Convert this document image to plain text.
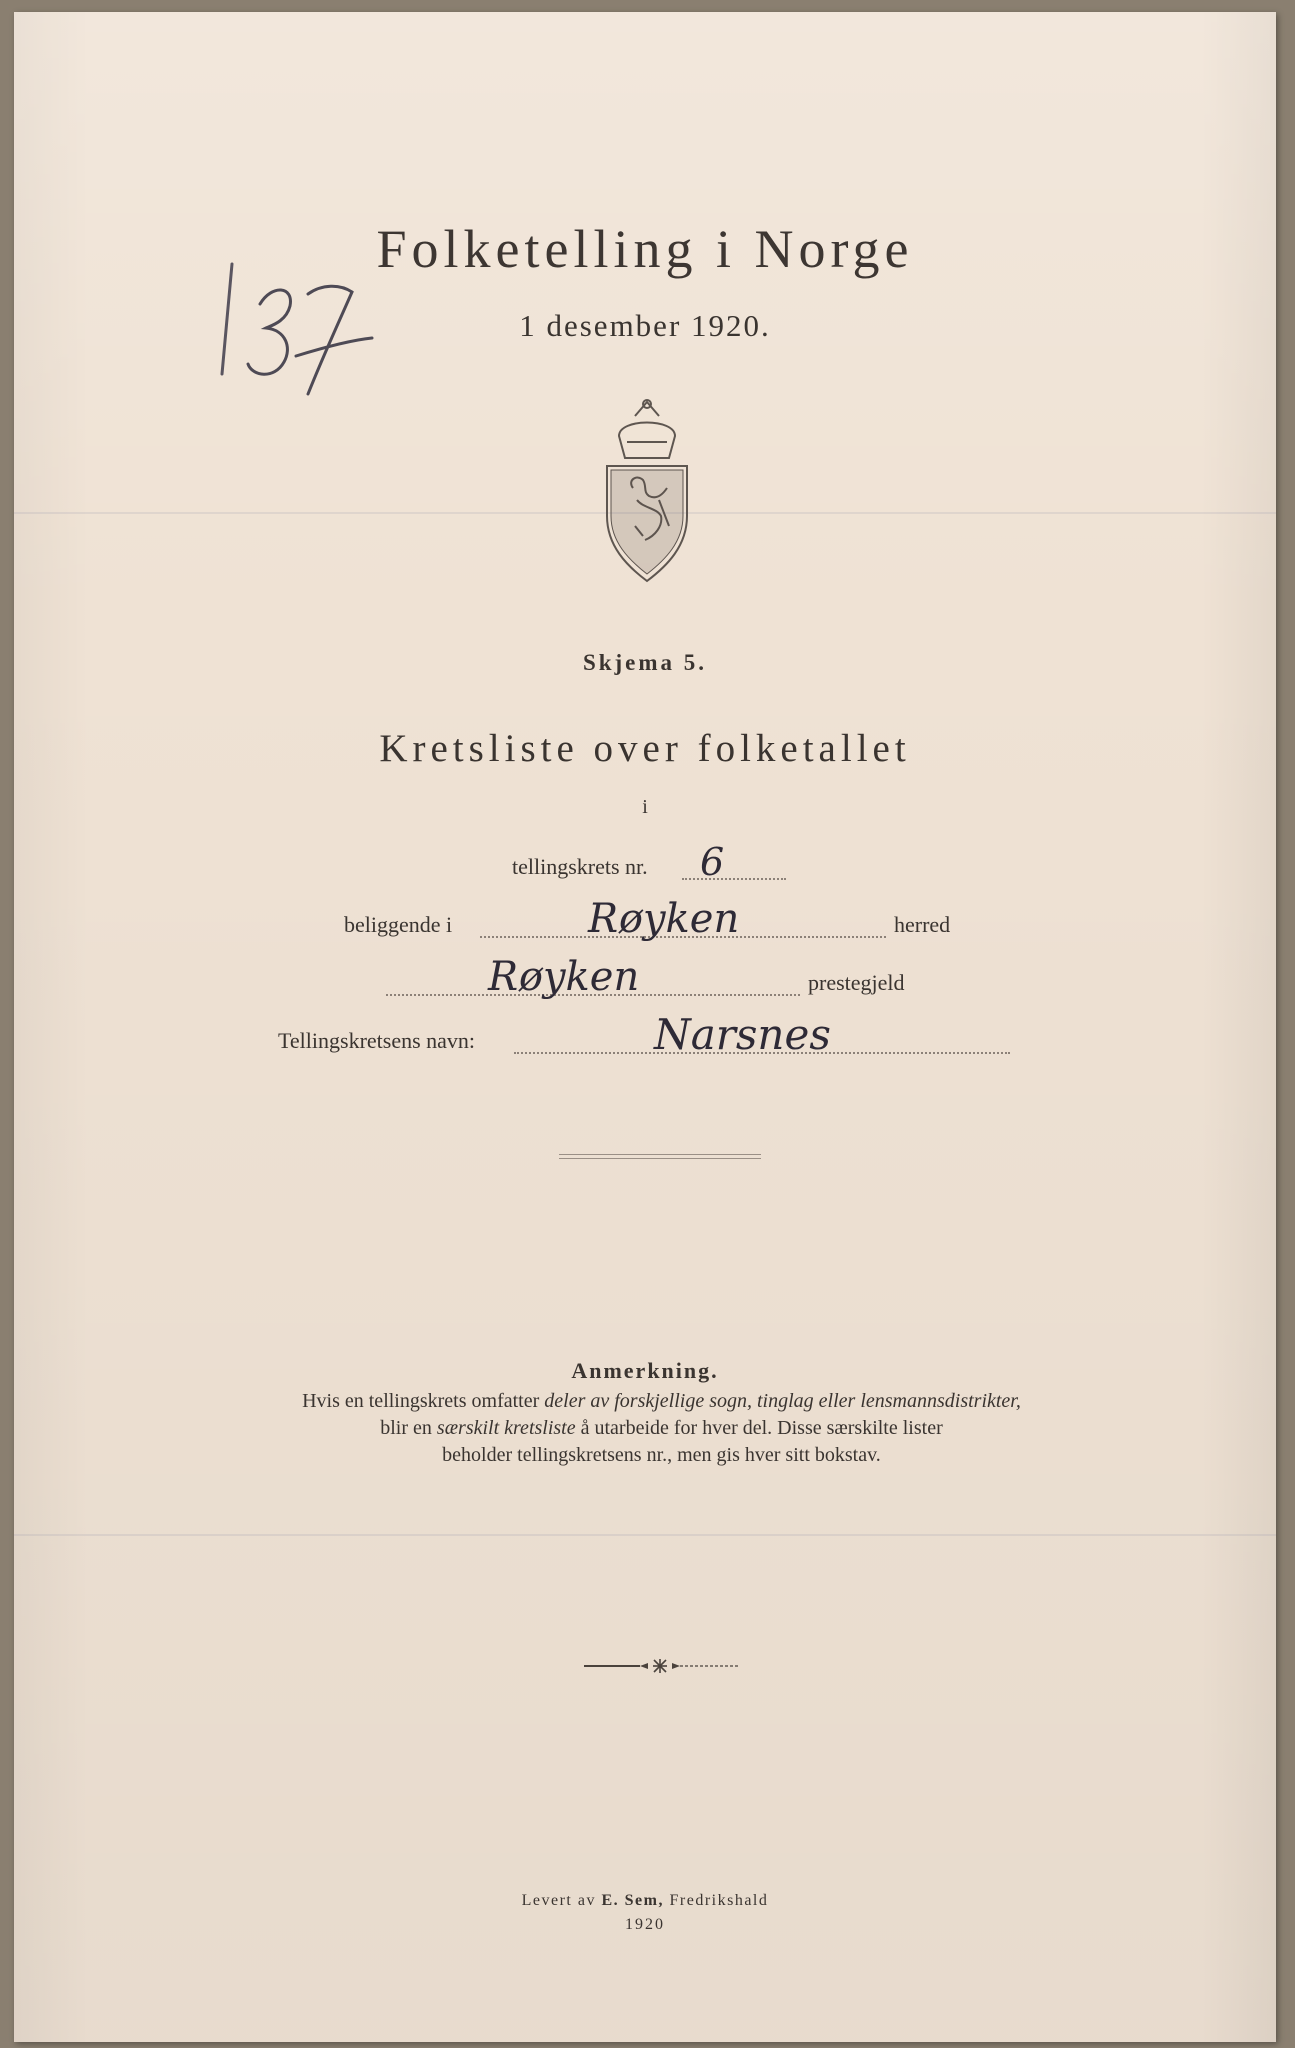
Folketelling i Norge
1 desember 1920.
Skjema 5.
Kretsliste over folketallet
i
tellingskrets nr. 6
beliggende i	Røyken	herred
Røyken	prestegjeld
Tellingskretsens navn:	Narsnes
Anmerkning.
Hvis en tellingskrets omfatter deler av forskjellige sogn, tinglag eller lensmannsdistrikter,
blir en særskilt kretsliste å utarbeide for hver del. Disse særskilte lister
beholder tellingskretsens nr., men gis hver sitt bokstav.
Levert av E. Sem, Fredrikshald
1920
